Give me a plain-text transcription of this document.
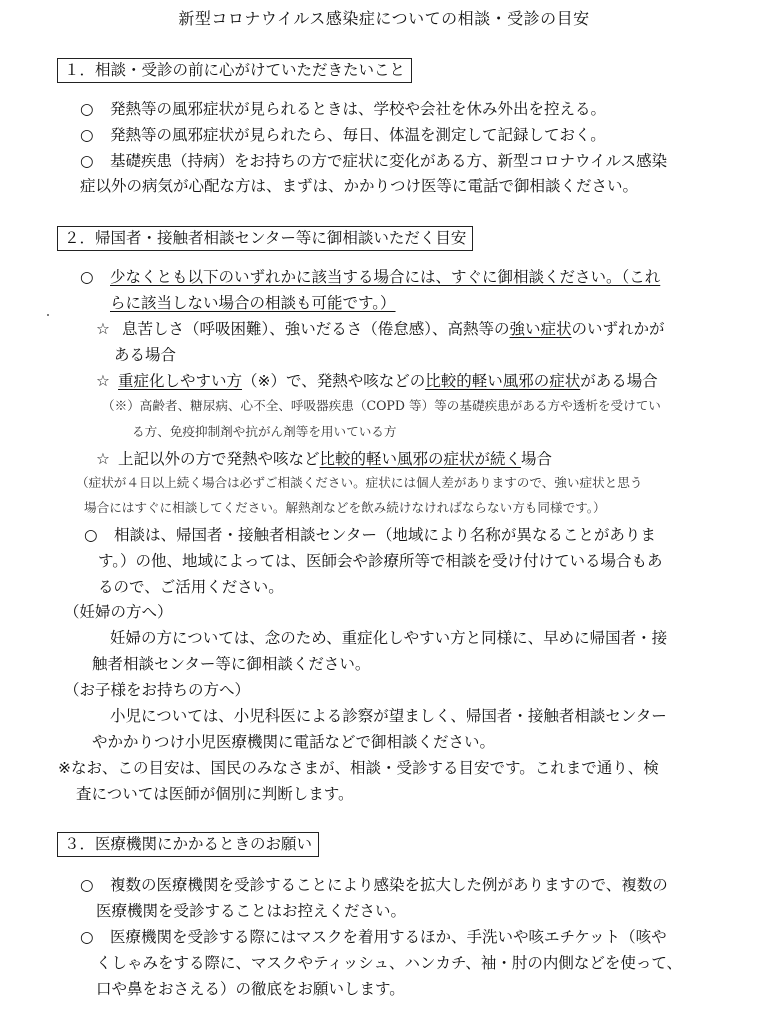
新型コロナウイルス感染症についての相談・受診の目安
１．相談・受診の前に心がけていただきたいこと
○ 発熱等の風邪症状が見られるときは、学校や会社を休み外出を控える。
○ 発熱等の風邪症状が見られたら、毎日、体温を測定して記録しておく。
○ 基礎疾患（持病）をお持ちの方で症状に変化がある方、新型コロナウイルス感染
症以外の病気が心配な方は、まずは、かかりつけ医等に電話で御相談ください。
２．帰国者・接触者相談センター等に御相談いただく目安
○ 少なくとも以下のいずれかに該当する場合には、すぐに御相談ください。（これ
らに該当しない場合の相談も可能です。）
☆ 息苦しさ（呼吸困難）、強いだるさ（倦怠感）、高熱等の強い症状のいずれかが
ある場合
☆ 重症化しやすい方（※）で、発熱や咳などの比較的軽い風邪の症状がある場合
（※）高齢者、糖尿病、心不全、呼吸器疾患（COPD 等）等の基礎疾患がある方や透析を受けてい
る方、免疫抑制剤や抗がん剤等を用いている方
☆ 上記以外の方で発熱や咳など比較的軽い風邪の症状が続く場合
（症状が４日以上続く場合は必ずご相談ください。症状には個人差がありますので、強い症状と思う
場合にはすぐに相談してください。解熱剤などを飲み続けなければならない方も同様です。）
○ 相談は、帰国者・接触者相談センター（地域により名称が異なることがありま
す。）の他、地域によっては、医師会や診療所等で相談を受け付けている場合もあ
るので、ご活用ください。
（妊婦の方へ）
妊婦の方については、念のため、重症化しやすい方と同様に、早めに帰国者・接
触者相談センター等に御相談ください。
（お子様をお持ちの方へ）
小児については、小児科医による診察が望ましく、帰国者・接触者相談センター
やかかりつけ小児医療機関に電話などで御相談ください。
※なお、この目安は、国民のみなさまが、相談・受診する目安です。これまで通り、検
査については医師が個別に判断します。
３．医療機関にかかるときのお願い
○ 複数の医療機関を受診することにより感染を拡大した例がありますので、複数の
医療機関を受診することはお控えください。
○ 医療機関を受診する際にはマスクを着用するほか、手洗いや咳エチケット（咳や
くしゃみをする際に、マスクやティッシュ、ハンカチ、袖・肘の内側などを使って、
口や鼻をおさえる）の徹底をお願いします。
